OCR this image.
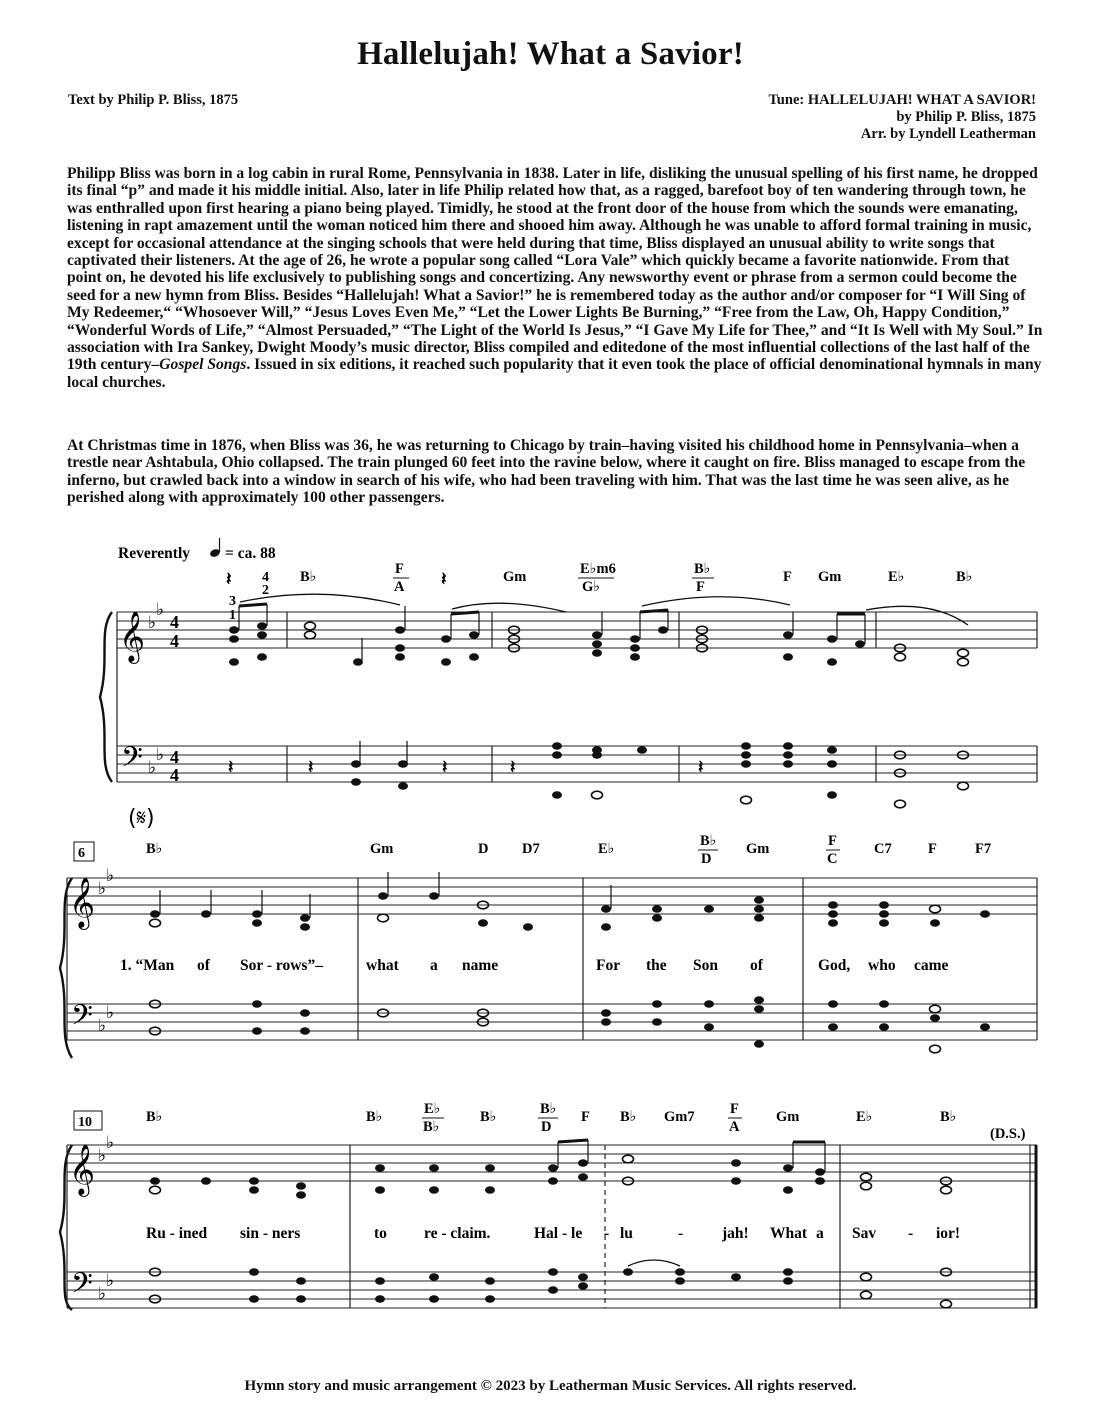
Hallelujah! What a Savior!
Text by Philip P. Bliss, 1875	Tune: HALLELUJAH! WHAT A SAVIOR!
by Philip P. Bliss, 1875
Arr. by Lyndell Leatherman

Philipp Bliss was born in a log cabin in rural Rome, Pennsylvania in 1838. Later in life, disliking the unusual spelling of his first name, he dropped its final “p” and made it his middle initial. Also, later in life Philip related how that, as a ragged, barefoot boy of ten wandering through town, he was enthralled upon first hearing a piano being played. Timidly, he stood at the front door of the house from which the sounds were emanating, listening in rapt amazement until the woman noticed him there and shooed him away. Although he was unable to afford formal training in music, except for occasional attendance at the singing schools that were held during that time, Bliss displayed an unusual ability to write songs that captivated their listeners. At the age of 26, he wrote a popular song called “Lora Vale” which quickly became a favorite nationwide. From that point on, he devoted his life exclusively to publishing songs and concertizing. Any newsworthy event or phrase from a sermon could become the seed for a new hymn from Bliss. Besides “Hallelujah! What a Savior!” he is remembered today as the author and/or composer for “I Will Sing of My Redeemer,“ “Whosoever Will,” “Jesus Loves Even Me,” “Let the Lower Lights Be Burning,” “Free from the Law, Oh, Happy Condition,” “Wonderful Words of Life,” “Almost Persuaded,” “The Light of the World Is Jesus,” “I Gave My Life for Thee,” and “It Is Well with My Soul.” In association with Ira Sankey, Dwight Moody’s music director, Bliss compiled and editedone of the most influential collections of the last half of the 19th century–Gospel Songs. Issued in six editions, it reached such popularity that it even took the place of official denominational hymnals in many local churches.

At Christmas time in 1876, when Bliss was 36, he was returning to Chicago by train–having visited his childhood home in Pennsylvania–when a trestle near Ashtabula, Ohio collapsed. The train plunged 60 feet into the ravine below, where it caught on fire. Bliss managed to escape from the inferno, but crawled back into a window in search of his wife, who had been traveling with him. That was the last time he was seen alive, as he perished along with approximately 100 other passengers.

Reverently = ca. 88
3
1
4
2
B♭	F
A
Gm	E♭m6
G♭
B♭
F
F Gm	E♭	B♭
𝄽	𝄽
𝄞
𝄢
♭
♭
♭
♭
4
4
4
4	𝄽	𝄽	𝄽	𝄽	𝄽
(𝄋)
6	B♭	Gm	D D7	E♭	B♭
D
Gm	F
C
C7	F	F7
𝄞
𝄢
♭
♭
♭
♭
1. “Man of Sor - rows”–	what a name	For the Son of	God, who came
10	B♭	B♭	E♭
B♭
B♭	B♭
D
F B♭ Gm7 F
A
Gm	E♭	B♭
(D.S.)
𝄞
𝄢
♭
♭
♭
♭
Ru - ined sin - ners	to re - claim.	Hal - le - lu	-	jah! What a Sav - ior!
Hymn story and music arrangement © 2023 by Leatherman Music Services. All rights reserved.
